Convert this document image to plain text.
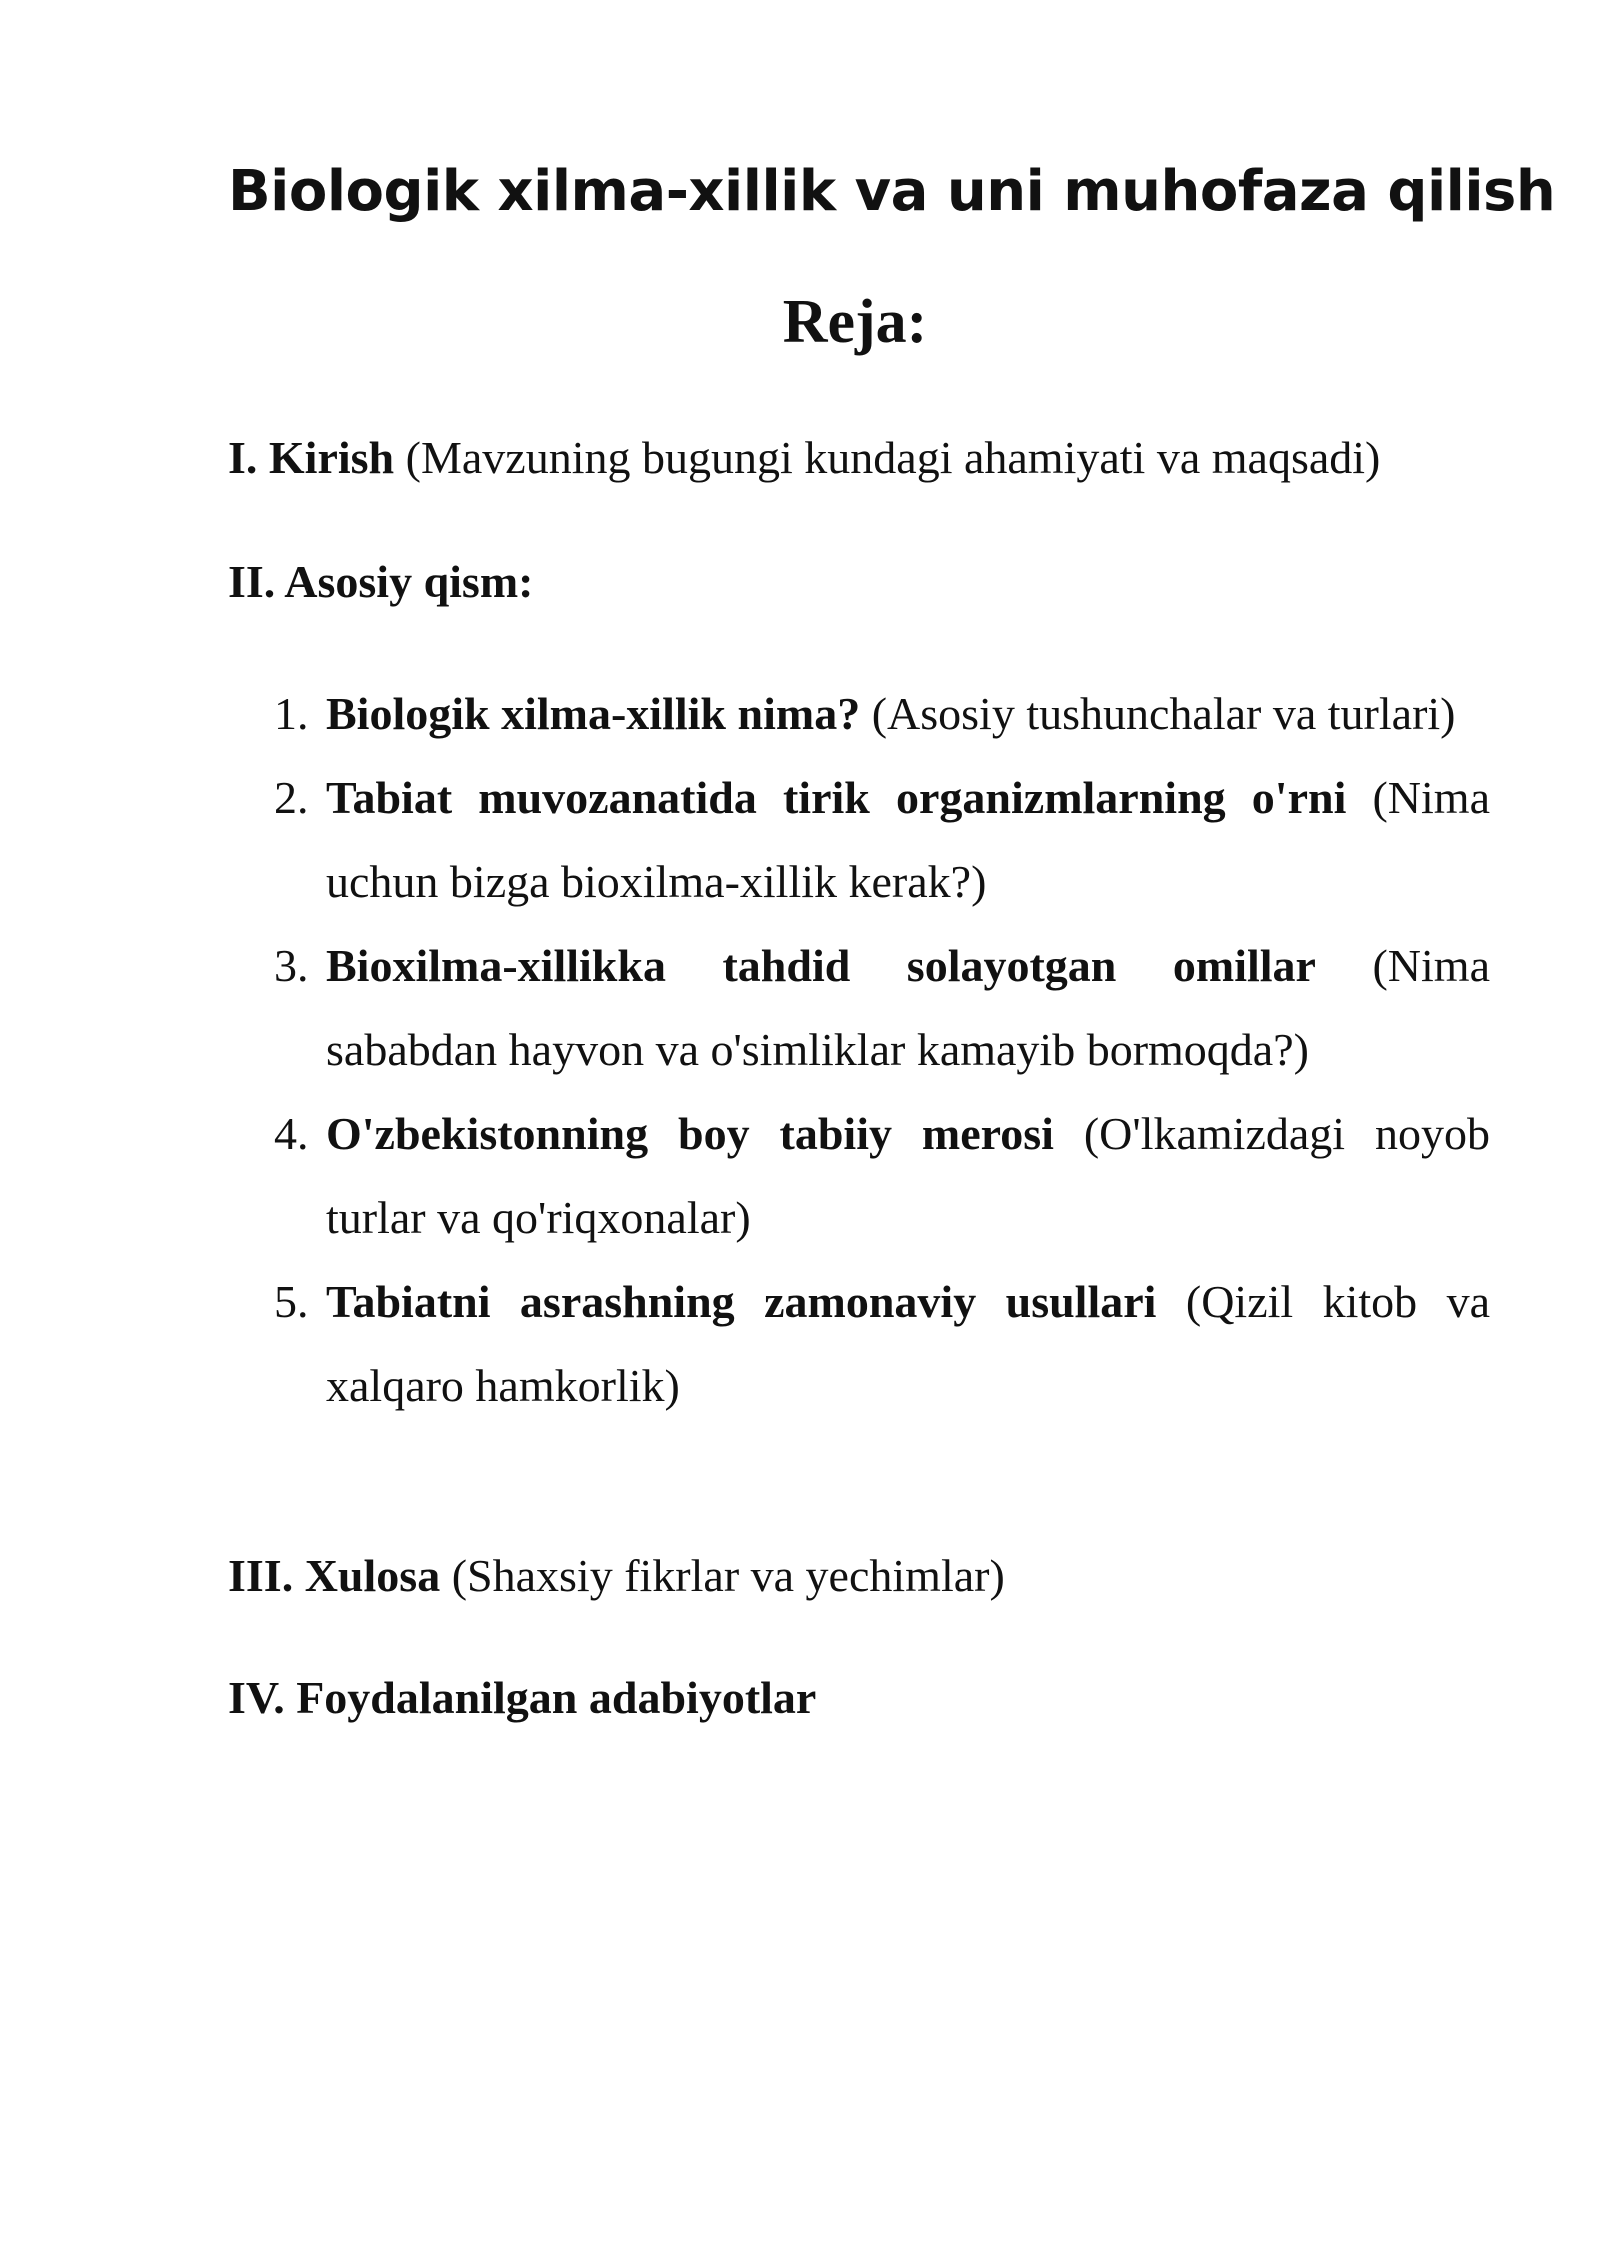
Biologik xilma-xillik va uni muhofaza qilish
Reja:

I. Kirish (Mavzuning bugungi kundagi ahamiyati va maqsadi)

II. Asosiy qism:

1. Biologik xilma-xillik nima? (Asosiy tushunchalar va turlari)
2. Tabiat muvozanatida tirik organizmlarning o'rni (Nima uchun bizga bioxilma-xillik kerak?)
3. Bioxilma-xillikka tahdid solayotgan omillar (Nima sababdan hayvon va o'simliklar kamayib bormoqda?)
4. O'zbekistonning boy tabiiy merosi (O'lkamizdagi noyob turlar va qo'riqxonalar)
5. Tabiatni asrashning zamonaviy usullari (Qizil kitob va xalqaro hamkorlik)

III. Xulosa (Shaxsiy fikrlar va yechimlar)

IV. Foydalanilgan adabiyotlar
